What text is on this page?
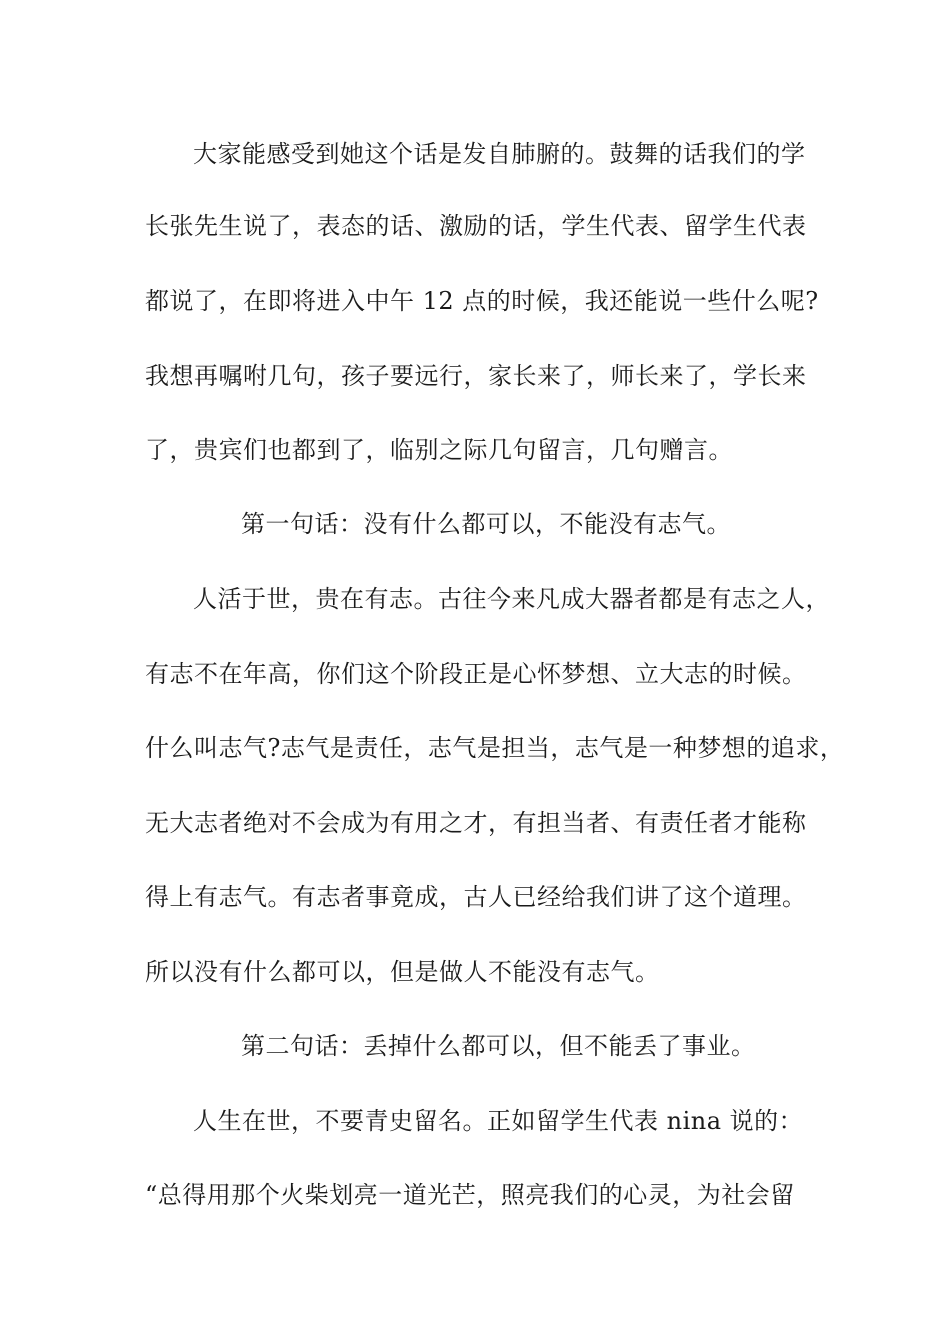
大家能感受到她这个话是发自肺腑的。鼓舞的话我们的学
长张先生说了，表态的话、激励的话，学生代表、留学生代表
都说了，在即将进入中午 12 点的时候，我还能说一些什么呢?
我想再嘱咐几句，孩子要远行，家长来了，师长来了，学长来
了，贵宾们也都到了，临别之际几句留言，几句赠言。
第一句话：没有什么都可以，不能没有志气。
人活于世，贵在有志。古往今来凡成大器者都是有志之人，
有志不在年高，你们这个阶段正是心怀梦想、立大志的时候。
什么叫志气?志气是责任，志气是担当，志气是一种梦想的追求，
无大志者绝对不会成为有用之才，有担当者、有责任者才能称
得上有志气。有志者事竟成，古人已经给我们讲了这个道理。
所以没有什么都可以，但是做人不能没有志气。
第二句话：丢掉什么都可以，但不能丢了事业。
人生在世，不要青史留名。正如留学生代表 nina 说的：
“总得用那个火柴划亮一道光芒，照亮我们的心灵，为社会留
